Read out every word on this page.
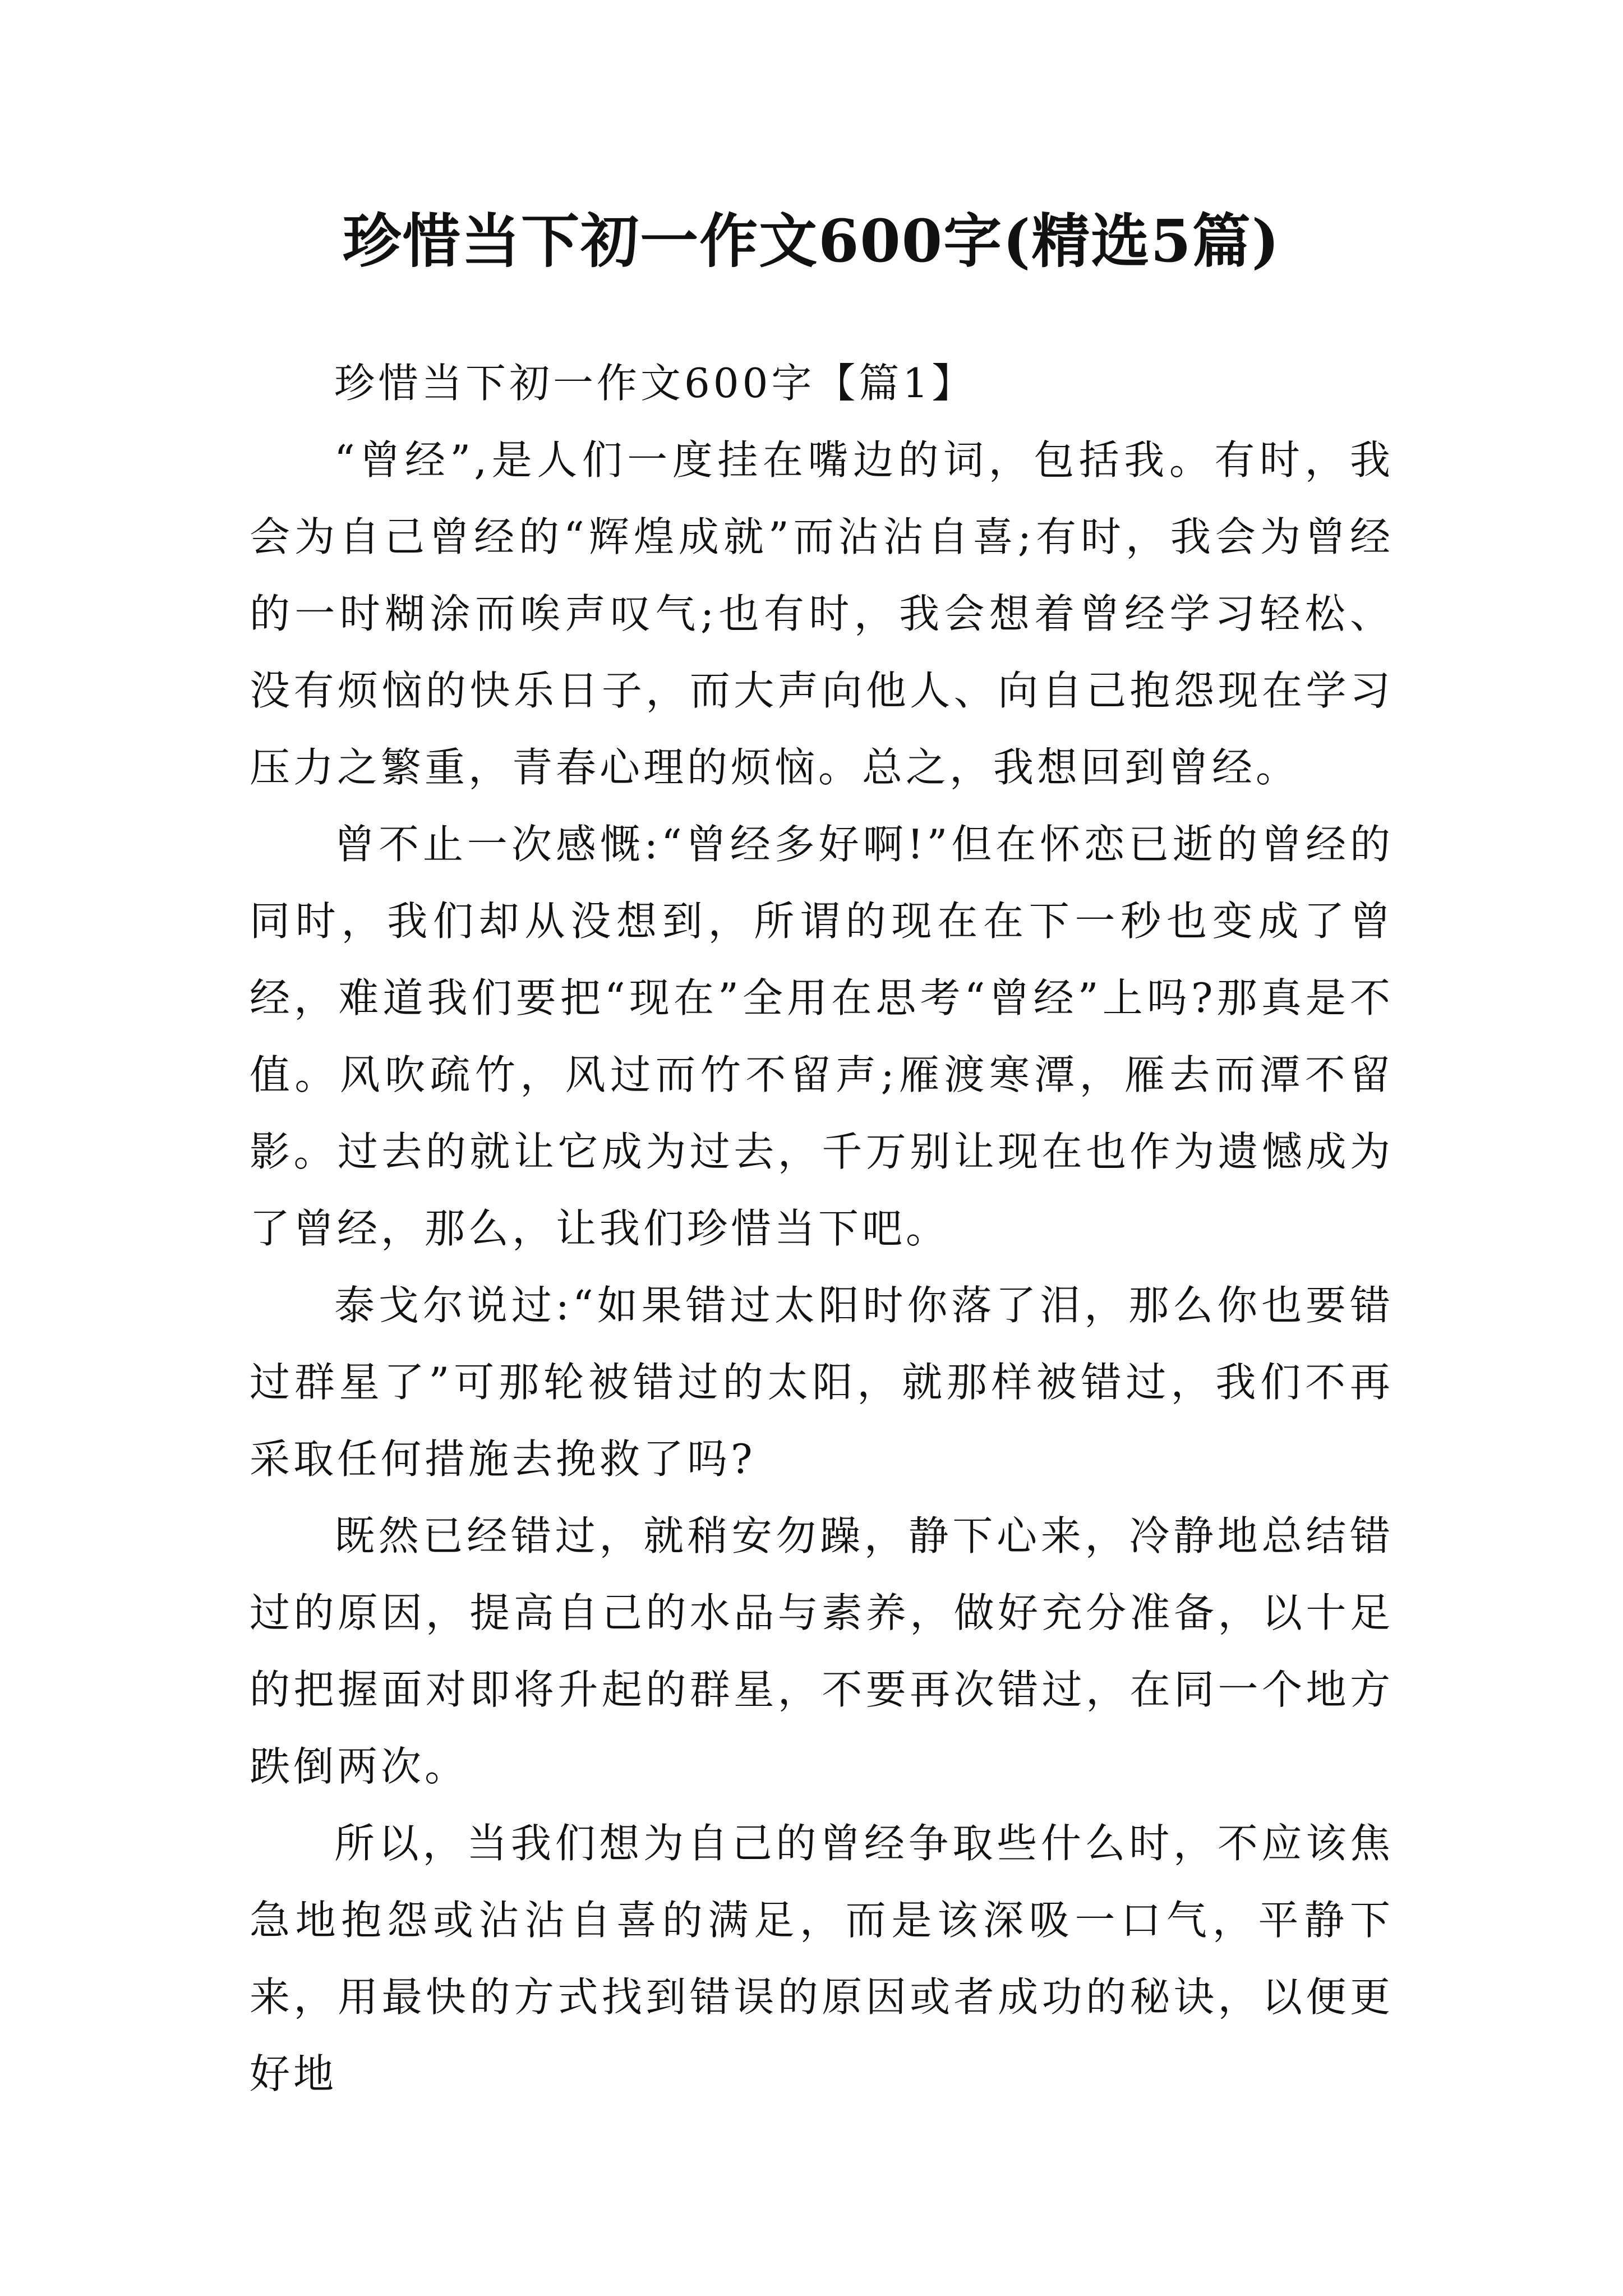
珍惜当下初一作文600字(精选5篇)

珍惜当下初一作文600字【篇1】

“曾经”,是人们一度挂在嘴边的词，包括我。有时，我会为自己曾经的“辉煌成就”而沾沾自喜;有时，我会为曾经的一时糊涂而唉声叹气;也有时，我会想着曾经学习轻松、没有烦恼的快乐日子，而大声向他人、向自己抱怨现在学习压力之繁重，青春心理的烦恼。总之，我想回到曾经。

曾不止一次感慨:“曾经多好啊!”但在怀恋已逝的曾经的同时，我们却从没想到，所谓的现在在下一秒也变成了曾经，难道我们要把“现在”全用在思考“曾经”上吗?那真是不值。风吹疏竹，风过而竹不留声;雁渡寒潭，雁去而潭不留影。过去的就让它成为过去，千万别让现在也作为遗憾成为了曾经，那么，让我们珍惜当下吧。

泰戈尔说过:“如果错过太阳时你落了泪，那么你也要错过群星了”可那轮被错过的太阳，就那样被错过，我们不再采取任何措施去挽救了吗?

既然已经错过，就稍安勿躁，静下心来，冷静地总结错过的原因，提高自己的水品与素养，做好充分准备，以十足的把握面对即将升起的群星，不要再次错过，在同一个地方跌倒两次。

所以，当我们想为自己的曾经争取些什么时，不应该焦急地抱怨或沾沾自喜的满足，而是该深吸一口气，平静下来，用最快的方式找到错误的原因或者成功的秘诀，以便更好地
